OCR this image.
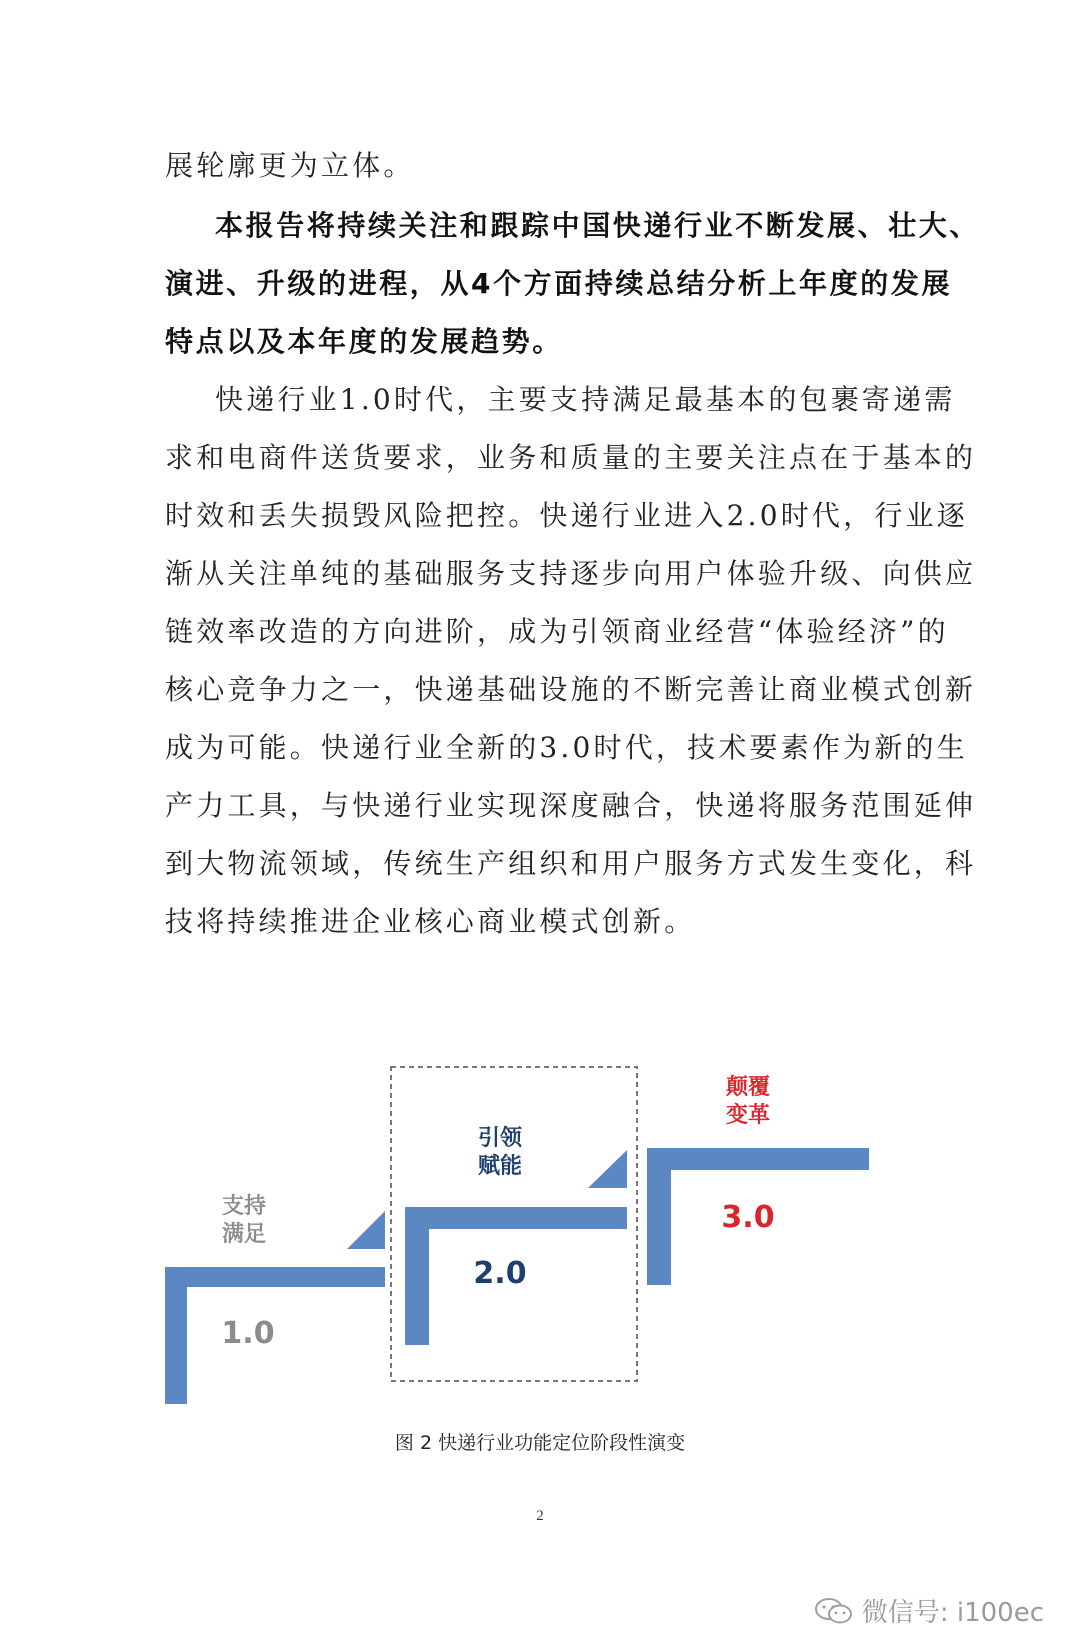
展轮廓更为立体。
本报告将持续关注和跟踪中国快递行业不断发展、壮大、
演进、升级的进程，从4个方面持续总结分析上年度的发展
特点以及本年度的发展趋势。
快递行业1.0时代，主要支持满足最基本的包裹寄递需
求和电商件送货要求，业务和质量的主要关注点在于基本的
时效和丢失损毁风险把控。快递行业进入2.0时代，行业逐
渐从关注单纯的基础服务支持逐步向用户体验升级、向供应
链效率改造的方向进阶，成为引领商业经营“体验经济”的
核心竞争力之一，快递基础设施的不断完善让商业模式创新
成为可能。快递行业全新的3.0时代，技术要素作为新的生
产力工具，与快递行业实现深度融合，快递将服务范围延伸
到大物流领域，传统生产组织和用户服务方式发生变化，科
技将持续推进企业核心商业模式创新。
支持
满足
1.0
引领
赋能
2.0
颠覆
变革
3.0
图 2 快递行业功能定位阶段性演变
2
微信号: i100ec
